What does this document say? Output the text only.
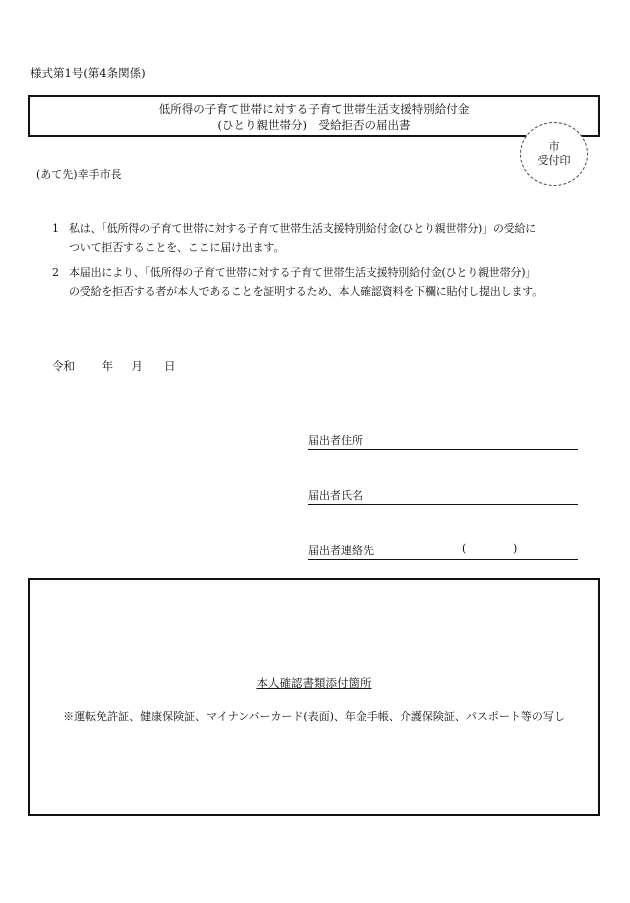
様式第1号(第4条関係)
低所得の子育て世帯に対する子育て世帯生活支援特別給付金
(ひとり親世帯分)　受給拒否の届出書
市
受付印
(あて先)幸手市長
1 私は、「低所得の子育て世帯に対する子育て世帯生活支援特別給付金(ひとり親世帯分)」の受給に
ついて拒否することを、ここに届け出ます。
2 本届出により、「低所得の子育て世帯に対する子育て世帯生活支援特別給付金(ひとり親世帯分)」
の受給を拒否する者が本人であることを証明するため、本人確認資料を下欄に貼付し提出します。
令和 年 月 日
届出者住所
届出者氏名
届出者連絡先	(	)
本人確認書類添付箇所
※運転免許証、健康保険証、マイナンバーカード(表面)、年金手帳、介護保険証、パスポート等の写し
